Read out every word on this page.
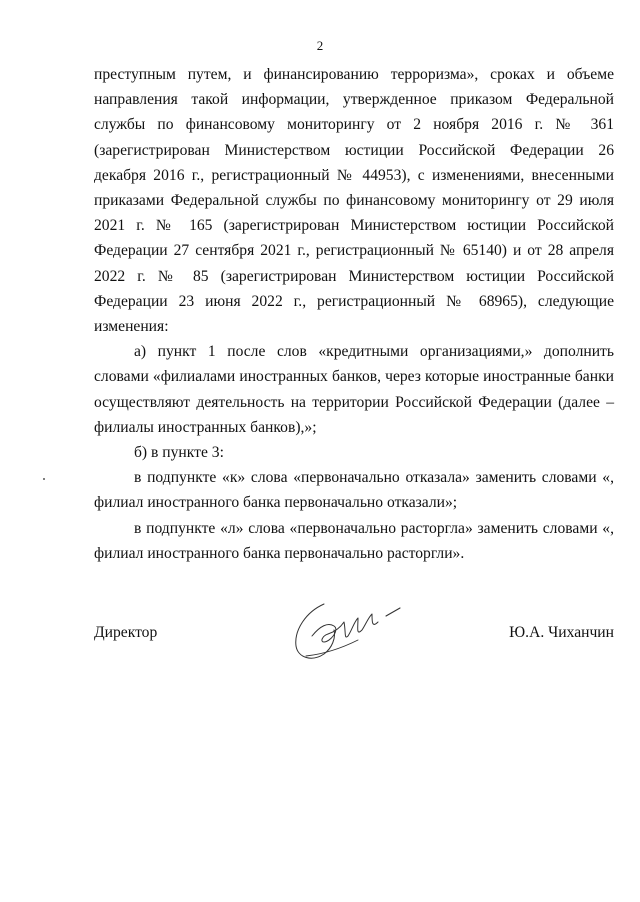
2

преступным путем, и финансированию терроризма», сроках и объеме направления такой информации, утвержденное приказом Федеральной службы по финансовому мониторингу от 2 ноября 2016 г. № 361 (зарегистрирован Министерством юстиции Российской Федерации 26 декабря 2016 г., регистрационный № 44953), с изменениями, внесенными приказами Федеральной службы по финансовому мониторингу от 29 июля 2021 г. № 165 (зарегистрирован Министерством юстиции Российской Федерации 27 сентября 2021 г., регистрационный № 65140) и от 28 апреля 2022 г. № 85 (зарегистрирован Министерством юстиции Российской Федерации 23 июня 2022 г., регистрационный № 68965), следующие изменения:

а) пункт 1 после слов «кредитными организациями,» дополнить словами «филиалами иностранных банков, через которые иностранные банки осуществляют деятельность на территории Российской Федерации (далее – филиалы иностранных банков),»;

б) в пункте 3:

в подпункте «к» слова «первоначально отказала» заменить словами «, филиал иностранного банка первоначально отказали»;

в подпункте «л» слова «первоначально расторгла» заменить словами «, филиал иностранного банка первоначально расторгли».

Директор	Ю.А. Чиханчин
